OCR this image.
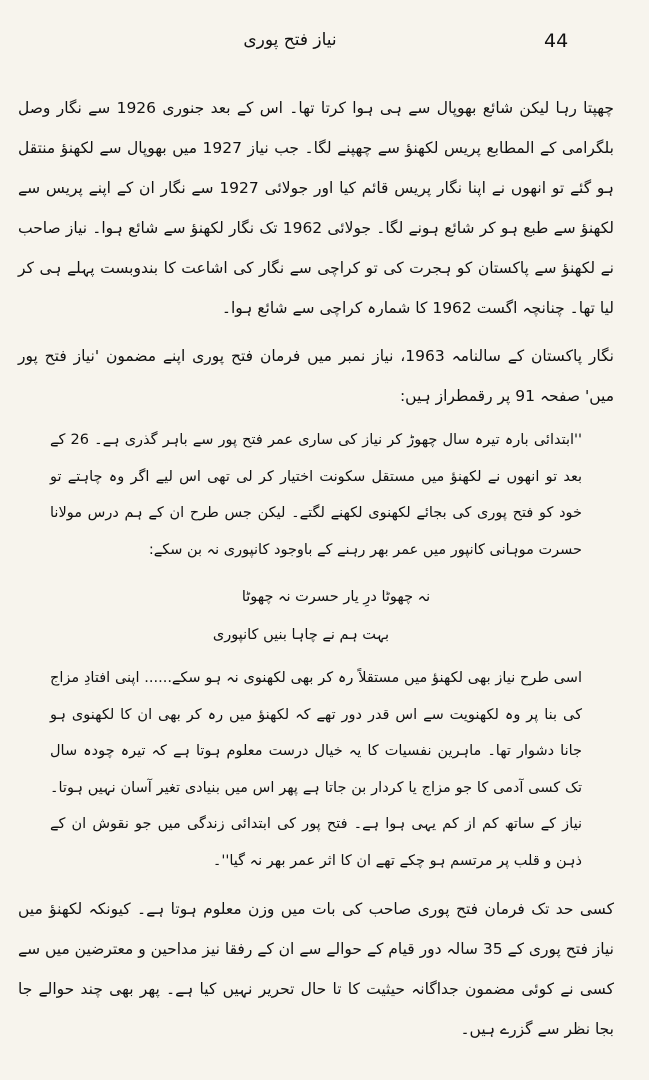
نیاز فتح پوری	44

چھپتا رہا لیکن شائع بھوپال سے ہی ہوا کرتا تھا۔ اس کے بعد جنوری 1926 سے نگار وصل بلگرامی کے المطابع پریس لکھنؤ سے چھپنے لگا۔ جب نیاز 1927 میں بھوپال سے لکھنؤ منتقل ہو گئے تو انھوں نے اپنا نگار پریس قائم کیا اور جولائی 1927 سے نگار ان کے اپنے پریس سے لکھنؤ سے طبع ہو کر شائع ہونے لگا۔ جولائی 1962 تک نگار لکھنؤ سے شائع ہوا۔ نیاز صاحب نے لکھنؤ سے پاکستان کو ہجرت کی تو کراچی سے نگار کی اشاعت کا بندوبست پہلے ہی کر لیا تھا۔ چنانچہ اگست 1962 کا شمارہ کراچی سے شائع ہوا۔

نگار پاکستان کے سالنامہ 1963، نیاز نمبر میں فرمان فتح پوری اپنے مضمون 'نیاز فتح پور میں' صفحہ 91 پر رقمطراز ہیں:

''ابتدائی بارہ تیرہ سال چھوڑ کر نیاز کی ساری عمر فتح پور سے باہر گذری ہے۔ 26 کے بعد تو انھوں نے لکھنؤ میں مستقل سکونت اختیار کر لی تھی اس لیے اگر وہ چاہتے تو خود کو فتح پوری کی بجائے لکھنوی لکھنے لگتے۔ لیکن جس طرح ان کے ہم درس مولانا حسرت موہانی کانپور میں عمر بھر رہنے کے باوجود کانپوری نہ بن سکے:

نہ چھوٹا درِ یار حسرت نہ چھوٹا
بہت ہم نے چاہا بنیں کانپوری

اسی طرح نیاز بھی لکھنؤ میں مستقلاً رہ کر بھی لکھنوی نہ ہو سکے...... اپنی افتادِ مزاج کی بنا پر وہ لکھنویت سے اس قدر دور تھے کہ لکھنؤ میں رہ کر بھی ان کا لکھنوی ہو جانا دشوار تھا۔ ماہرین نفسیات کا یہ خیال درست معلوم ہوتا ہے کہ تیرہ چودہ سال تک کسی آدمی کا جو مزاج یا کردار بن جاتا ہے پھر اس میں بنیادی تغیر آسان نہیں ہوتا۔ نیاز کے ساتھ کم از کم یہی ہوا ہے۔ فتح پور کی ابتدائی زندگی میں جو نقوش ان کے ذہن و قلب پر مرتسم ہو چکے تھے ان کا اثر عمر بھر نہ گیا''۔

کسی حد تک فرمان فتح پوری صاحب کی بات میں وزن معلوم ہوتا ہے۔ کیونکہ لکھنؤ میں نیاز فتح پوری کے 35 سالہ دور قیام کے حوالے سے ان کے رفقا نیز مداحین و معترضین میں سے کسی نے کوئی مضمون جداگانہ حیثیت کا تا حال تحریر نہیں کیا ہے۔ پھر بھی چند حوالے جا بجا نظر سے گزرے ہیں۔
